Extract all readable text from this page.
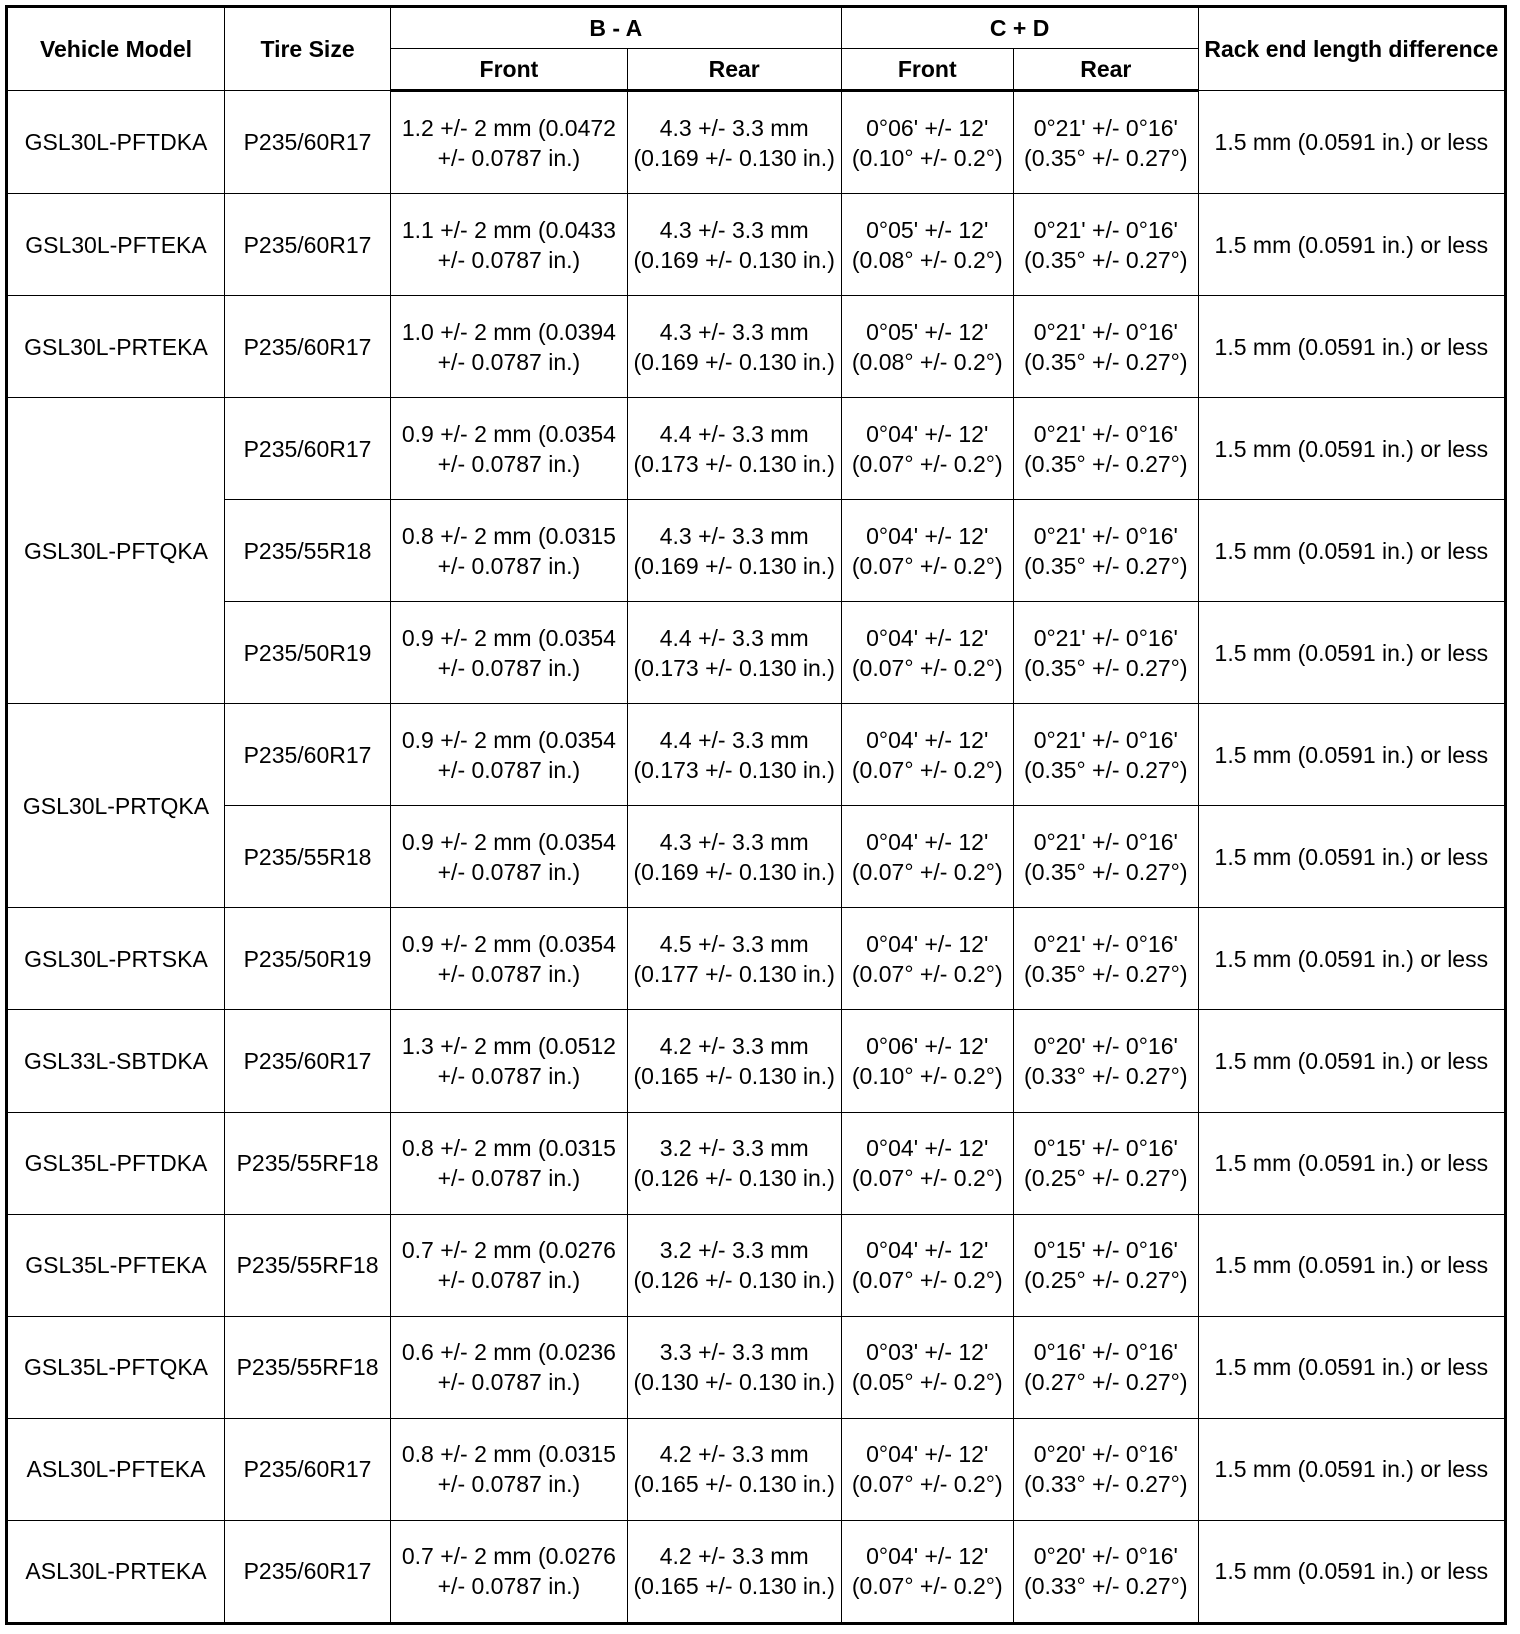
Vehicle Model	Tire Size	B - A		C + D		Rack end length difference
		Front	Rear	Front	Rear	
GSL30L-PFTDKA	P235/60R17	1.2 +/- 2 mm (0.0472 +/- 0.0787 in.)	4.3 +/- 3.3 mm (0.169 +/- 0.130 in.)	0°06' +/- 12' (0.10° +/- 0.2°)	0°21' +/- 0°16' (0.35° +/- 0.27°)	1.5 mm (0.0591 in.) or less
GSL30L-PFTEKA	P235/60R17	1.1 +/- 2 mm (0.0433 +/- 0.0787 in.)	4.3 +/- 3.3 mm (0.169 +/- 0.130 in.)	0°05' +/- 12' (0.08° +/- 0.2°)	0°21' +/- 0°16' (0.35° +/- 0.27°)	1.5 mm (0.0591 in.) or less
GSL30L-PRTEKA	P235/60R17	1.0 +/- 2 mm (0.0394 +/- 0.0787 in.)	4.3 +/- 3.3 mm (0.169 +/- 0.130 in.)	0°05' +/- 12' (0.08° +/- 0.2°)	0°21' +/- 0°16' (0.35° +/- 0.27°)	1.5 mm (0.0591 in.) or less
GSL30L-PFTQKA	P235/60R17	0.9 +/- 2 mm (0.0354 +/- 0.0787 in.)	4.4 +/- 3.3 mm (0.173 +/- 0.130 in.)	0°04' +/- 12' (0.07° +/- 0.2°)	0°21' +/- 0°16' (0.35° +/- 0.27°)	1.5 mm (0.0591 in.) or less
	P235/55R18	0.8 +/- 2 mm (0.0315 +/- 0.0787 in.)	4.3 +/- 3.3 mm (0.169 +/- 0.130 in.)	0°04' +/- 12' (0.07° +/- 0.2°)	0°21' +/- 0°16' (0.35° +/- 0.27°)	1.5 mm (0.0591 in.) or less
	P235/50R19	0.9 +/- 2 mm (0.0354 +/- 0.0787 in.)	4.4 +/- 3.3 mm (0.173 +/- 0.130 in.)	0°04' +/- 12' (0.07° +/- 0.2°)	0°21' +/- 0°16' (0.35° +/- 0.27°)	1.5 mm (0.0591 in.) or less
GSL30L-PRTQKA	P235/60R17	0.9 +/- 2 mm (0.0354 +/- 0.0787 in.)	4.4 +/- 3.3 mm (0.173 +/- 0.130 in.)	0°04' +/- 12' (0.07° +/- 0.2°)	0°21' +/- 0°16' (0.35° +/- 0.27°)	1.5 mm (0.0591 in.) or less
	P235/55R18	0.9 +/- 2 mm (0.0354 +/- 0.0787 in.)	4.3 +/- 3.3 mm (0.169 +/- 0.130 in.)	0°04' +/- 12' (0.07° +/- 0.2°)	0°21' +/- 0°16' (0.35° +/- 0.27°)	1.5 mm (0.0591 in.) or less
GSL30L-PRTSKA	P235/50R19	0.9 +/- 2 mm (0.0354 +/- 0.0787 in.)	4.5 +/- 3.3 mm (0.177 +/- 0.130 in.)	0°04' +/- 12' (0.07° +/- 0.2°)	0°21' +/- 0°16' (0.35° +/- 0.27°)	1.5 mm (0.0591 in.) or less
GSL33L-SBTDKA	P235/60R17	1.3 +/- 2 mm (0.0512 +/- 0.0787 in.)	4.2 +/- 3.3 mm (0.165 +/- 0.130 in.)	0°06' +/- 12' (0.10° +/- 0.2°)	0°20' +/- 0°16' (0.33° +/- 0.27°)	1.5 mm (0.0591 in.) or less
GSL35L-PFTDKA	P235/55RF18	0.8 +/- 2 mm (0.0315 +/- 0.0787 in.)	3.2 +/- 3.3 mm (0.126 +/- 0.130 in.)	0°04' +/- 12' (0.07° +/- 0.2°)	0°15' +/- 0°16' (0.25° +/- 0.27°)	1.5 mm (0.0591 in.) or less
GSL35L-PFTEKA	P235/55RF18	0.7 +/- 2 mm (0.0276 +/- 0.0787 in.)	3.2 +/- 3.3 mm (0.126 +/- 0.130 in.)	0°04' +/- 12' (0.07° +/- 0.2°)	0°15' +/- 0°16' (0.25° +/- 0.27°)	1.5 mm (0.0591 in.) or less
GSL35L-PFTQKA	P235/55RF18	0.6 +/- 2 mm (0.0236 +/- 0.0787 in.)	3.3 +/- 3.3 mm (0.130 +/- 0.130 in.)	0°03' +/- 12' (0.05° +/- 0.2°)	0°16' +/- 0°16' (0.27° +/- 0.27°)	1.5 mm (0.0591 in.) or less
ASL30L-PFTEKA	P235/60R17	0.8 +/- 2 mm (0.0315 +/- 0.0787 in.)	4.2 +/- 3.3 mm (0.165 +/- 0.130 in.)	0°04' +/- 12' (0.07° +/- 0.2°)	0°20' +/- 0°16' (0.33° +/- 0.27°)	1.5 mm (0.0591 in.) or less
ASL30L-PRTEKA	P235/60R17	0.7 +/- 2 mm (0.0276 +/- 0.0787 in.)	4.2 +/- 3.3 mm (0.165 +/- 0.130 in.)	0°04' +/- 12' (0.07° +/- 0.2°)	0°20' +/- 0°16' (0.33° +/- 0.27°)	1.5 mm (0.0591 in.) or less
